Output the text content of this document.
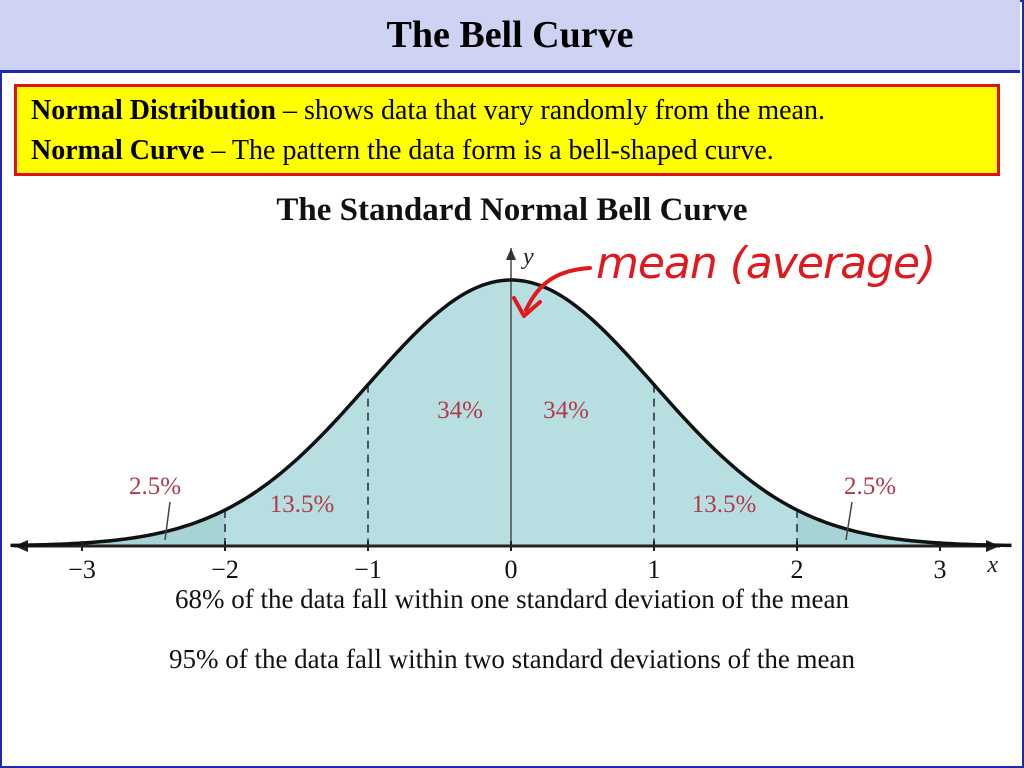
The Bell Curve
Normal Distribution – shows data that vary randomly from the mean.
Normal Curve – The pattern the data form is a bell-shaped curve.
The Standard Normal Bell Curve
y
x
−3	−2	−1	0	1	2	3
2.5%
13.5%
34% 34%
13.5%
2.5%
mean (average)
68% of the data fall within one standard deviation of the mean
95% of the data fall within two standard deviations of the mean
